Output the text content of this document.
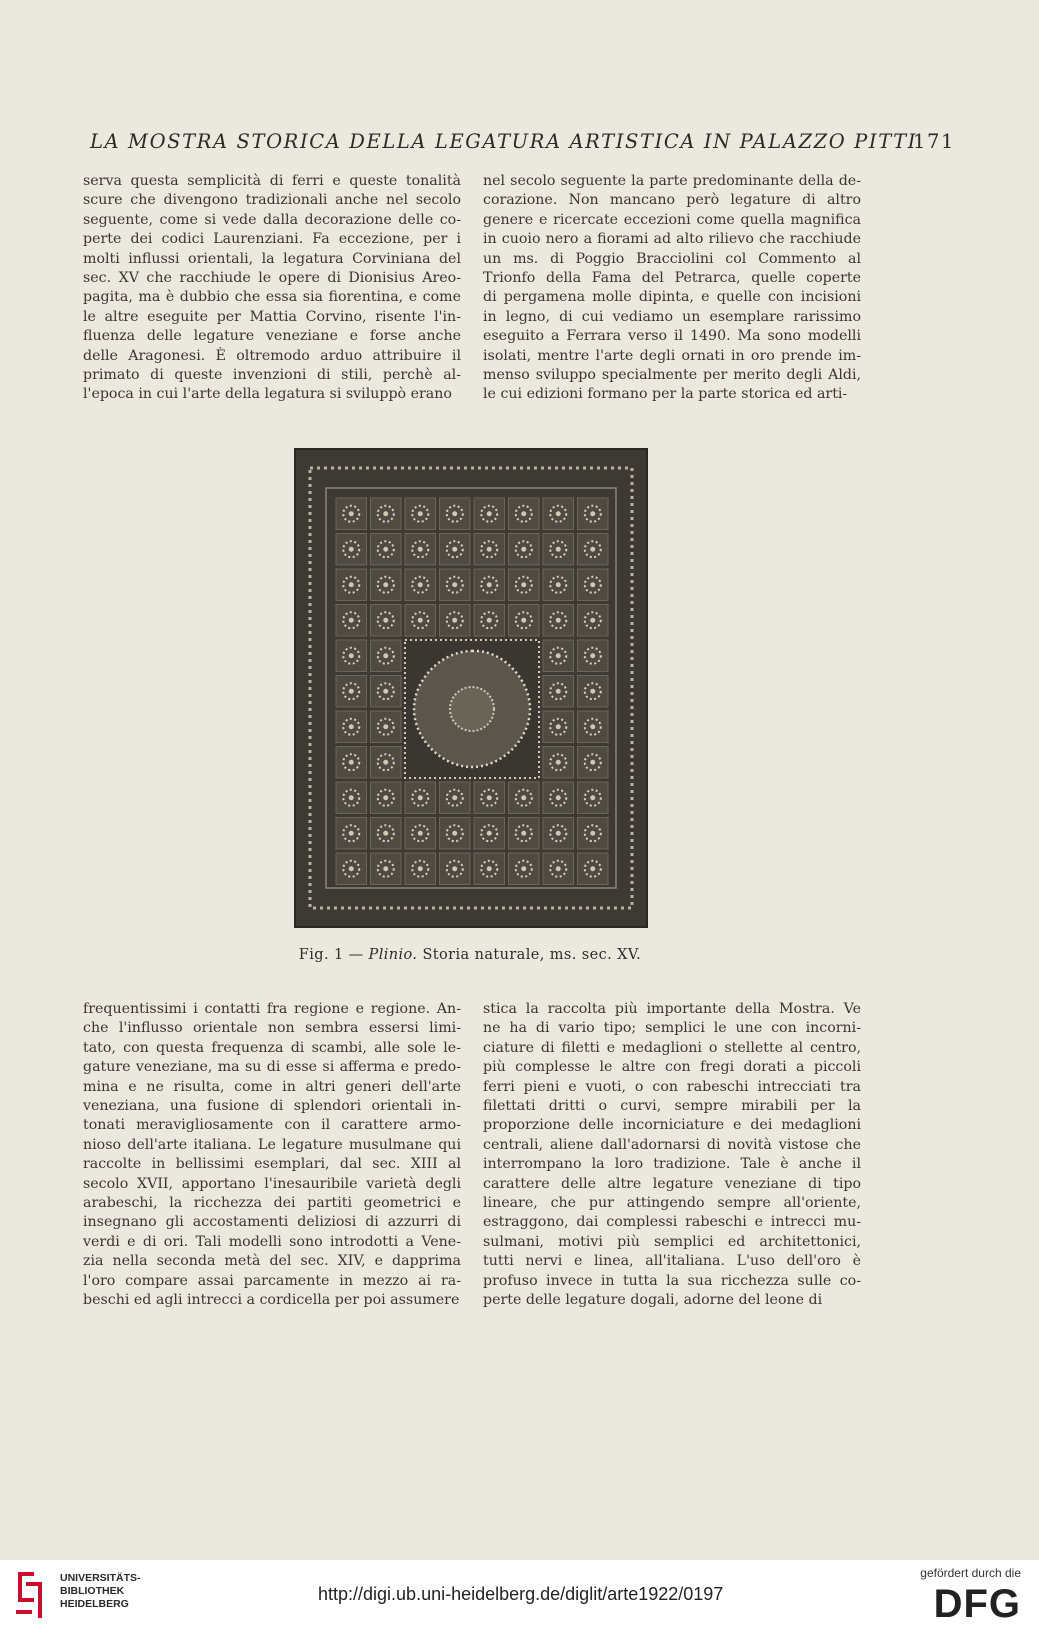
LA MOSTRA STORICA DELLA LEGATURA ARTISTICA IN PALAZZO PITTI
171

serva questa semplicità di ferri e queste tonalità
scure che divengono tradizionali anche nel secolo
seguente, come si vede dalla decorazione delle co-
perte dei codici Laurenziani. Fa eccezione, per i
molti influssi orientali, la legatura Corviniana del
sec. XV che racchiude le opere di Dionisius Areo-
pagita, ma è dubbio che essa sia fiorentina, e come
le altre eseguite per Mattia Corvino, risente l'in-
fluenza delle legature veneziane e forse anche
delle Aragonesi. È oltremodo arduo attribuire il
primato di queste invenzioni di stili, perchè al-
l'epoca in cui l'arte della legatura si sviluppò erano

nel secolo seguente la parte predominante della de-
corazione. Non mancano però legature di altro
genere e ricercate eccezioni come quella magnifica
in cuoio nero a fiorami ad alto rilievo che racchiude
un ms. di Poggio Bracciolini col Commento al
Trionfo della Fama del Petrarca, quelle coperte
di pergamena molle dipinta, e quelle con incisioni
in legno, di cui vediamo un esemplare rarissimo
eseguito a Ferrara verso il 1490. Ma sono modelli
isolati, mentre l'arte degli ornati in oro prende im-
menso sviluppo specialmente per merito degli Aldi,
le cui edizioni formano per la parte storica ed arti-

Fig. 1 — Plinio. Storia naturale, ms. sec. XV.

frequentissimi i contatti fra regione e regione. An-
che l'influsso orientale non sembra essersi limi-
tato, con questa frequenza di scambi, alle sole le-
gature veneziane, ma su di esse si afferma e predo-
mina e ne risulta, come in altri generi dell'arte
veneziana, una fusione di splendori orientali in-
tonati meravigliosamente con il carattere armo-
nioso dell'arte italiana. Le legature musulmane qui
raccolte in bellissimi esemplari, dal sec. XIII al
secolo XVII, apportano l'inesauribile varietà degli
arabeschi, la ricchezza dei partiti geometrici e
insegnano gli accostamenti deliziosi di azzurri di
verdi e di ori. Tali modelli sono introdotti a Vene-
zia nella seconda metà del sec. XIV, e dapprima
l'oro compare assai parcamente in mezzo ai ra-
beschi ed agli intrecci a cordicella per poi assumere

stica la raccolta più importante della Mostra. Ve
ne ha di vario tipo; semplici le une con incorni-
ciature di filetti e medaglioni o stellette al centro,
più complesse le altre con fregi dorati a piccoli
ferri pieni e vuoti, o con rabeschi intrecciati tra
filettati dritti o curvi, sempre mirabili per la
proporzione delle incorniciature e dei medaglioni
centrali, aliene dall'adornarsi di novità vistose che
interrompano la loro tradizione. Tale è anche il
carattere delle altre legature veneziane di tipo
lineare, che pur attingendo sempre all'oriente,
estraggono, dai complessi rabeschi e intrecci mu-
sulmani, motivi più semplici ed architettonici,
tutti nervi e linea, all'italiana. L'uso dell'oro è
profuso invece in tutta la sua ricchezza sulle co-
perte delle legature dogali, adorne del leone di

UNIVERSITÄTS-
BIBLIOTHEK
HEIDELBERG	http://digi.ub.uni-heidelberg.de/diglit/arte1922/0197
gefördert durch die
DFG
